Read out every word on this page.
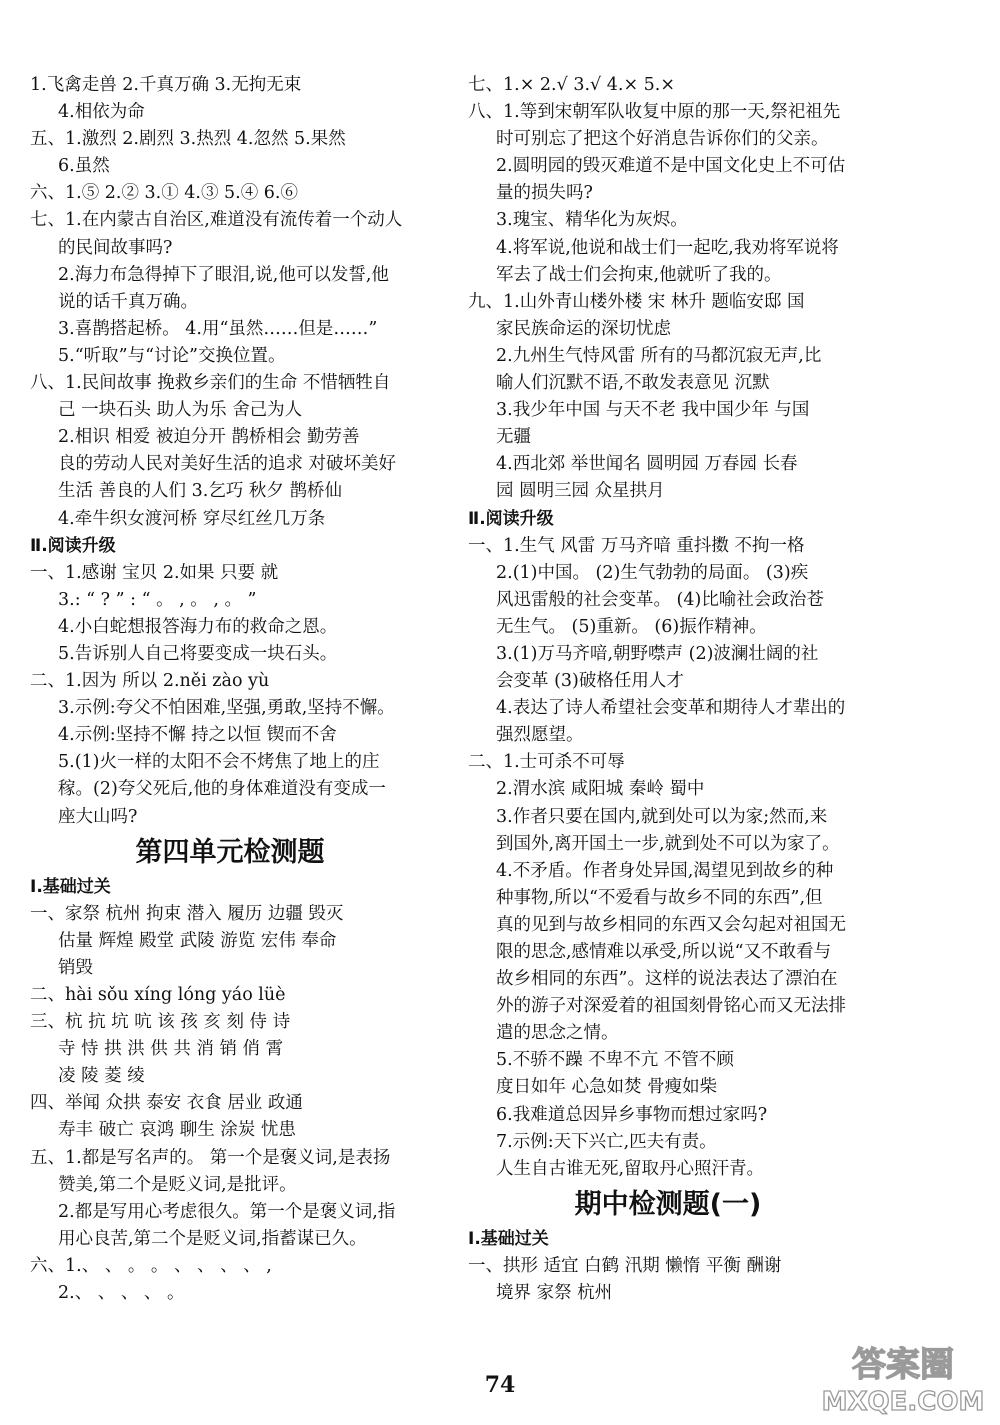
1.飞禽走兽 2.千真万确 3.无拘无束
4.相依为命
五、1.激烈 2.剧烈 3.热烈 4.忽然 5.果然
6.虽然
六、1.⑤ 2.② 3.① 4.③ 5.④ 6.⑥
七、1.在内蒙古自治区,难道没有流传着一个动人
的民间故事吗?
2.海力布急得掉下了眼泪,说,他可以发誓,他
说的话千真万确。
3.喜鹊搭起桥。 4.用“虽然……但是……”
5.“听取”与“讨论”交换位置。
八、1.民间故事 挽救乡亲们的生命 不惜牺牲自
己 一块石头 助人为乐 舍己为人
2.相识 相爱 被迫分开 鹊桥相会 勤劳善
良的劳动人民对美好生活的追求 对破坏美好
生活 善良的人们 3.乞巧 秋夕 鹊桥仙
4.牵牛织女渡河桥 穿尽红丝几万条
Ⅱ.阅读升级
一、1.感谢 宝贝 2.如果 只要 就
3.: “ ? ” : “ 。 , 。 , 。 ”
4.小白蛇想报答海力布的救命之恩。
5.告诉别人自己将要变成一块石头。
二、1.因为 所以 2.něi zào yù
3.示例:夸父不怕困难,坚强,勇敢,坚持不懈。
4.示例:坚持不懈 持之以恒 锲而不舍
5.(1)火一样的太阳不会不烤焦了地上的庄
稼。(2)夸父死后,他的身体难道没有变成一
座大山吗?
第四单元检测题
Ⅰ.基础过关
一、家祭 杭州 拘束 潜入 履历 边疆 毁灭
估量 辉煌 殿堂 武陵 游览 宏伟 奉命
销毁
二、hài sǒu xíng lóng yáo lüè
三、杭 抗 坑 吭 该 孩 亥 刻 侍 诗
寺 恃 拱 洪 供 共 消 销 俏 霄
凌 陵 菱 绫
四、举闻 众拱 泰安 衣食 居业 政通
寿丰 破亡 哀鸿 聊生 涂炭 忧患
五、1.都是写名声的。 第一个是褒义词,是表扬
赞美,第二个是贬义词,是批评。
2.都是写用心考虑很久。第一个是褒义词,指
用心良苦,第二个是贬义词,指蓄谋已久。
六、1.、 、 。 。 、 、 、 、 ,
2.、 、 、 、 。
七、1.× 2.√ 3.√ 4.× 5.×
八、1.等到宋朝军队收复中原的那一天,祭祀祖先
时可别忘了把这个好消息告诉你们的父亲。
2.圆明园的毁灭难道不是中国文化史上不可估
量的损失吗?
3.瑰宝、精华化为灰烬。
4.将军说,他说和战士们一起吃,我劝将军说将
军去了战士们会拘束,他就听了我的。
九、1.山外青山楼外楼 宋 林升 题临安邸 国
家民族命运的深切忧虑
2.九州生气恃风雷 所有的马都沉寂无声,比
喻人们沉默不语,不敢发表意见 沉默
3.我少年中国 与天不老 我中国少年 与国
无疆
4.西北郊 举世闻名 圆明园 万春园 长春
园 圆明三园 众星拱月
Ⅱ.阅读升级
一、1.生气 风雷 万马齐喑 重抖擞 不拘一格
2.(1)中国。 (2)生气勃勃的局面。 (3)疾
风迅雷般的社会变革。 (4)比喻社会政治苍
无生气。 (5)重新。 (6)振作精神。
3.(1)万马齐喑,朝野噤声 (2)波澜壮阔的社
会变革 (3)破格任用人才
4.表达了诗人希望社会变革和期待人才辈出的
强烈愿望。
二、1.士可杀不可辱
2.渭水滨 咸阳城 秦岭 蜀中
3.作者只要在国内,就到处可以为家;然而,来
到国外,离开国土一步,就到处不可以为家了。
4.不矛盾。作者身处异国,渴望见到故乡的种
种事物,所以“不爱看与故乡不同的东西”,但
真的见到与故乡相同的东西又会勾起对祖国无
限的思念,感情难以承受,所以说“又不敢看与
故乡相同的东西”。这样的说法表达了漂泊在
外的游子对深爱着的祖国刻骨铭心而又无法排
遣的思念之情。
5.不骄不躁 不卑不亢 不管不顾
度日如年 心急如焚 骨瘦如柴
6.我难道总因异乡事物而想过家吗?
7.示例:天下兴亡,匹夫有责。
人生自古谁无死,留取丹心照汗青。
期中检测题(一)
Ⅰ.基础过关
一、拱形 适宜 白鹤 汛期 懒惰 平衡 酬谢
境界 家祭 杭州
74	答案圈
MXQE.COM
